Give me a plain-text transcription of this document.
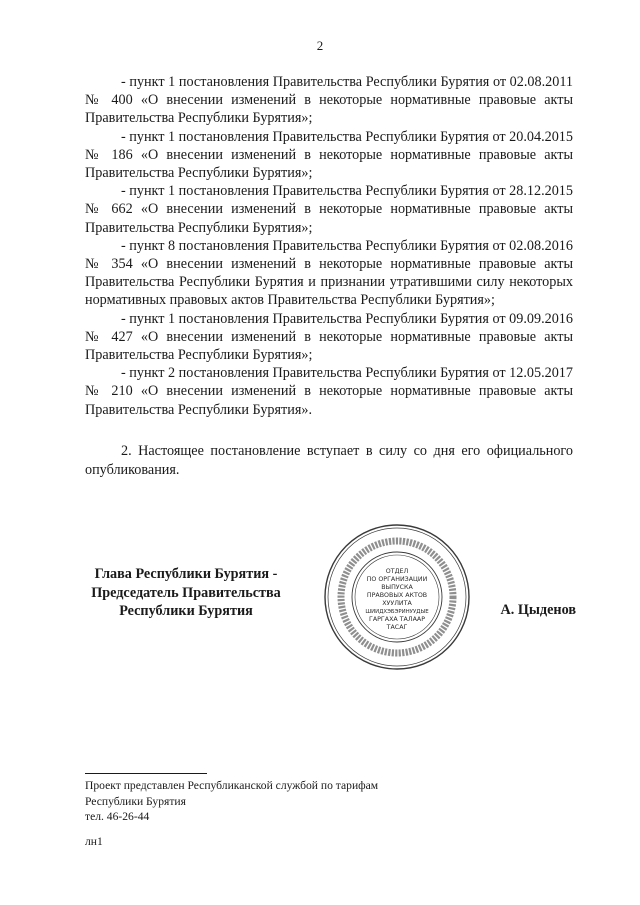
2

- пункт 1 постановления Правительства Республики Бурятия от 02.08.2011 № 400 «О внесении изменений в некоторые нормативные правовые акты Правительства Республики Бурятия»;

- пункт 1 постановления Правительства Республики Бурятия от 20.04.2015 № 186 «О внесении изменений в некоторые нормативные правовые акты Правительства Республики Бурятия»;

- пункт 1 постановления Правительства Республики Бурятия от 28.12.2015 № 662 «О внесении изменений в некоторые нормативные правовые акты Правительства Республики Бурятия»;

- пункт 8 постановления Правительства Республики Бурятия от 02.08.2016 № 354 «О внесении изменений в некоторые нормативные правовые акты Правительства Республики Бурятия и признании утратившими силу некоторых нормативных правовых актов Правительства Республики Бурятия»;

- пункт 1 постановления Правительства Республики Бурятия от 09.09.2016 № 427 «О внесении изменений в некоторые нормативные правовые акты Правительства Республики Бурятия»;

- пункт 2 постановления Правительства Республики Бурятия от 12.05.2017 № 210 «О внесении изменений в некоторые нормативные правовые акты Правительства Республики Бурятия».

2. Настоящее постановление вступает в силу со дня его официального опубликования.

Глава Республики Бурятия -
Председатель Правительства
Республики Бурятия
ОТДЕЛ
ПО ОРГАНИЗАЦИИ
ВЫПУСКА
ПРАВОВЫХ АКТОВ
ХУУЛИТА
ШИИДХЭБЭРИНУУДЫЕ
ГАРГАХА ТАЛААР
ТАСАГ
А. Цыденов
Проект представлен Республиканской службой по тарифам
Республики Бурятия
тел. 46-26-44
лн1
